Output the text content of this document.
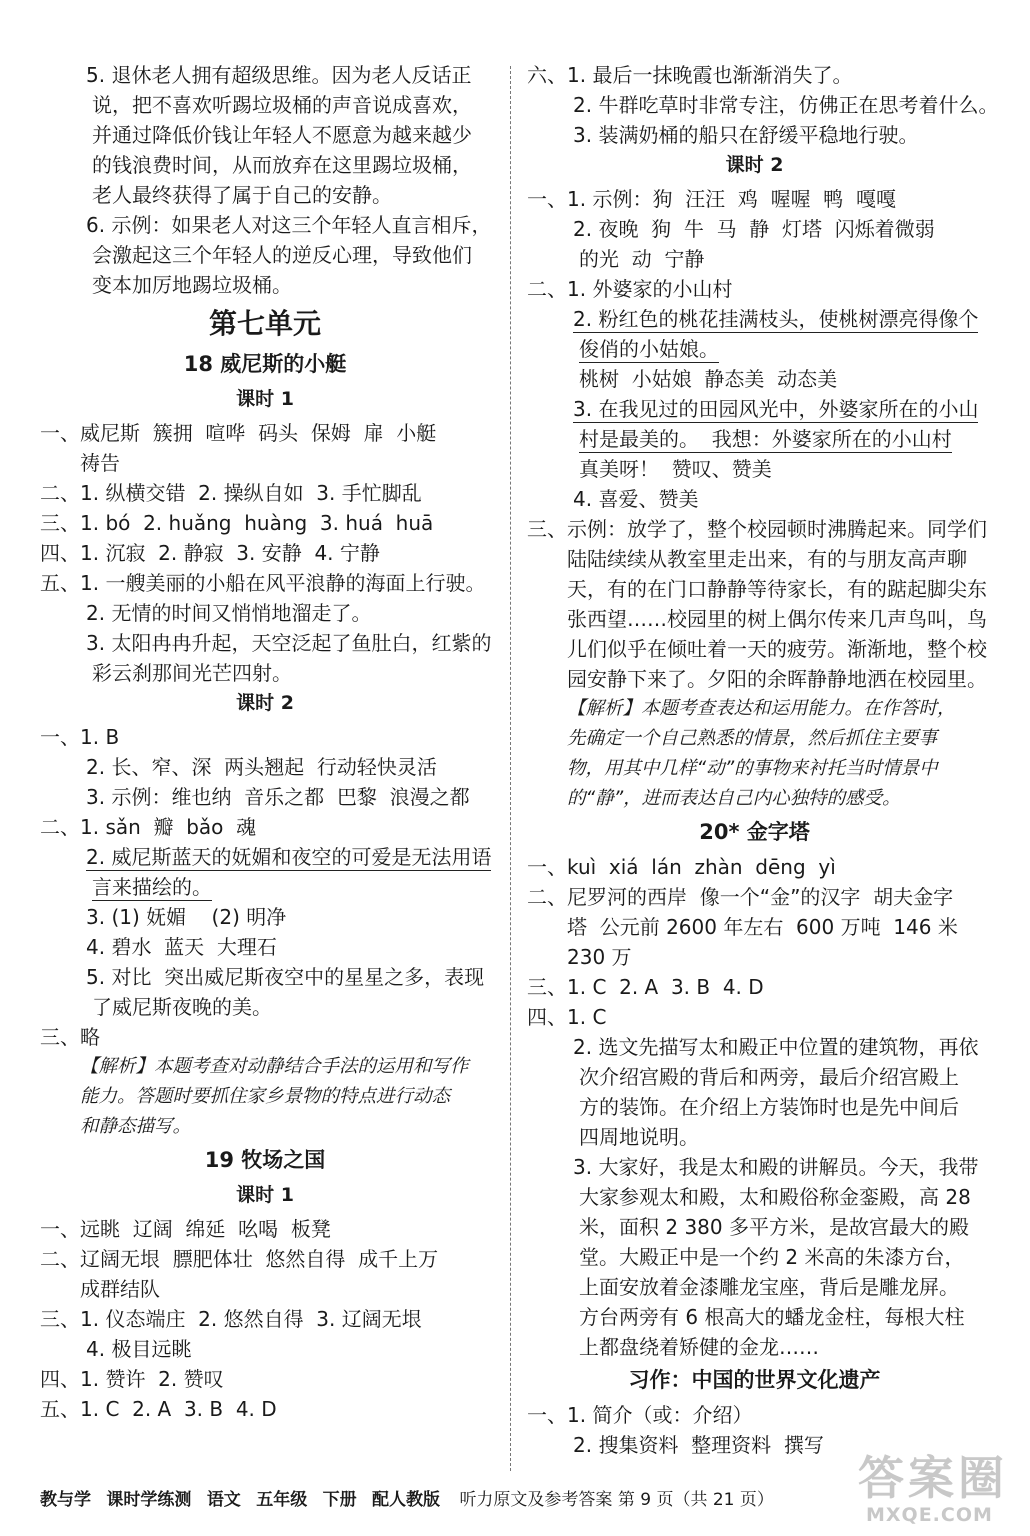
5. 退休老人拥有超级思维。因为老人反话正
说，把不喜欢听踢垃圾桶的声音说成喜欢，
并通过降低价钱让年轻人不愿意为越来越少
的钱浪费时间，从而放弃在这里踢垃圾桶，
老人最终获得了属于自己的安静。
6. 示例：如果老人对这三个年轻人直言相斥，
会激起这三个年轻人的逆反心理，导致他们
变本加厉地踢垃圾桶。
第七单元
18 威尼斯的小艇
课时 1
一、威尼斯  簇拥  喧哗  码头  保姆  扉  小艇
祷告
二、1. 纵横交错  2. 操纵自如  3. 手忙脚乱
三、1. bó  2. huǎng  huàng  3. huá  huā
四、1. 沉寂  2. 静寂  3. 安静  4. 宁静
五、1. 一艘美丽的小船在风平浪静的海面上行驶。
2. 无情的时间又悄悄地溜走了。
3. 太阳冉冉升起，天空泛起了鱼肚白，红紫的
彩云刹那间光芒四射。
课时 2
一、1. B
2. 长、窄、深  两头翘起  行动轻快灵活
3. 示例：维也纳  音乐之都  巴黎  浪漫之都
二、1. sǎn  瓣  bǎo  魂
2. 威尼斯蓝天的妩媚和夜空的可爱是无法用语
言来描绘的。
3. (1) 妩媚    (2) 明净
4. 碧水  蓝天  大理石
5. 对比  突出威尼斯夜空中的星星之多，表现
了威尼斯夜晚的美。
三、略
【解析】本题考查对动静结合手法的运用和写作
能力。答题时要抓住家乡景物的特点进行动态
和静态描写。
19 牧场之国
课时 1
一、远眺  辽阔  绵延  吆喝  板凳
二、辽阔无垠  膘肥体壮  悠然自得  成千上万
成群结队
三、1. 仪态端庄  2. 悠然自得  3. 辽阔无垠
4. 极目远眺
四、1. 赞许  2. 赞叹
五、1. C  2. A  3. B  4. D
六、1. 最后一抹晚霞也渐渐消失了。
2. 牛群吃草时非常专注，仿佛正在思考着什么。
3. 装满奶桶的船只在舒缓平稳地行驶。
课时 2
一、1. 示例：狗  汪汪  鸡  喔喔  鸭  嘎嘎
2. 夜晚  狗  牛  马  静  灯塔  闪烁着微弱
的光  动  宁静
二、1. 外婆家的小山村
2. 粉红色的桃花挂满枝头，使桃树漂亮得像个
俊俏的小姑娘。
桃树  小姑娘  静态美  动态美
3. 在我见过的田园风光中，外婆家所在的小山
村是最美的。  我想：外婆家所在的小山村
真美呀！  赞叹、赞美
4. 喜爱、赞美
三、示例：放学了，整个校园顿时沸腾起来。同学们
陆陆续续从教室里走出来，有的与朋友高声聊
天，有的在门口静静等待家长，有的踮起脚尖东
张西望……校园里的树上偶尔传来几声鸟叫，鸟
儿们似乎在倾吐着一天的疲劳。渐渐地，整个校
园安静下来了。夕阳的余晖静静地洒在校园里。
【解析】本题考查表达和运用能力。在作答时，
先确定一个自己熟悉的情景，然后抓住主要事
物，用其中几样“动”的事物来衬托当时情景中
的“静”，进而表达自己内心独特的感受。
20* 金字塔
一、kuì  xiá  lán  zhàn  dēng  yì
二、尼罗河的西岸  像一个“金”的汉字  胡夫金字
塔  公元前 2600 年左右  600 万吨  146 米
230 万
三、1. C  2. A  3. B  4. D
四、1. C
2. 选文先描写太和殿正中位置的建筑物，再依
次介绍宫殿的背后和两旁，最后介绍宫殿上
方的装饰。在介绍上方装饰时也是先中间后
四周地说明。
3. 大家好，我是太和殿的讲解员。今天，我带
大家参观太和殿，太和殿俗称金銮殿，高 28
米，面积 2 380 多平方米，是故宫最大的殿
堂。大殿正中是一个约 2 米高的朱漆方台，
上面安放着金漆雕龙宝座，背后是雕龙屏。
方台两旁有 6 根高大的蟠龙金柱，每根大柱
上都盘绕着矫健的金龙……
习作：中国的世界文化遗产
一、1. 简介（或：介绍）
2. 搜集资料  整理资料  撰写
教与学 课时学练测 语文 五年级 下册 配人教版 听力原文及参考答案 第 9 页（共 21 页）	答案圈
MXQE.COM
